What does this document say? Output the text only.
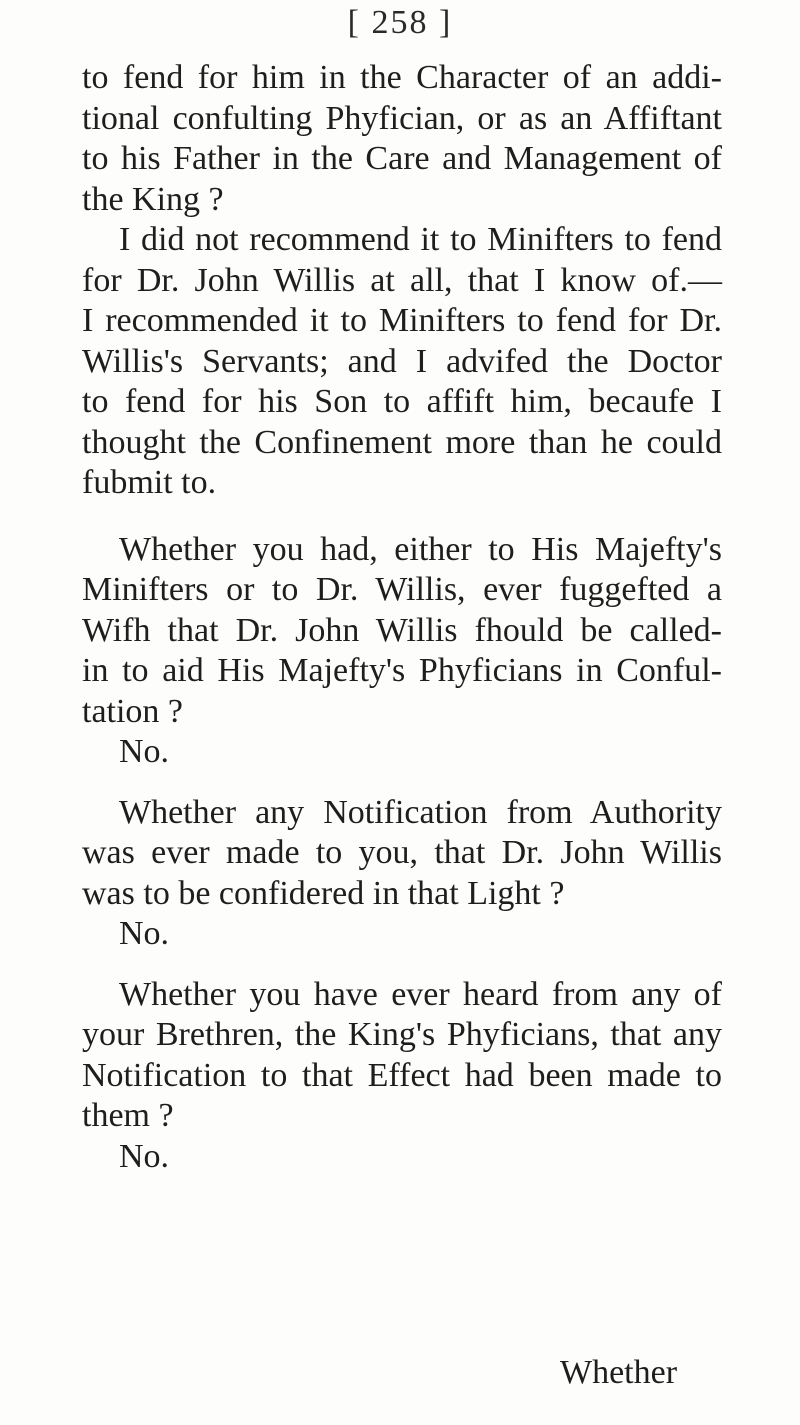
[ 258 ]
to fend for him in the Character of an addi-
tional confulting Phyfician, or as an Affiftant
to his Father in the Care and Management of
the King ?
I did not recommend it to Minifters to fend
for Dr. John Willis at all, that I know of.—
I recommended it to Minifters to fend for Dr.
Willis's Servants; and I advifed the Doctor
to fend for his Son to affift him, becaufe I
thought the Confinement more than he could
fubmit to.
Whether you had, either to His Majefty's
Minifters or to Dr. Willis, ever fuggefted a
Wifh that Dr. John Willis fhould be called-
in to aid His Majefty's Phyficians in Conful-
tation ?
No.
Whether any Notification from Authority
was ever made to you, that Dr. John Willis
was to be confidered in that Light ?
No.
Whether you have ever heard from any of
your Brethren, the King's Phyficians, that any
Notification to that Effect had been made to
them ?
No.
Whether
